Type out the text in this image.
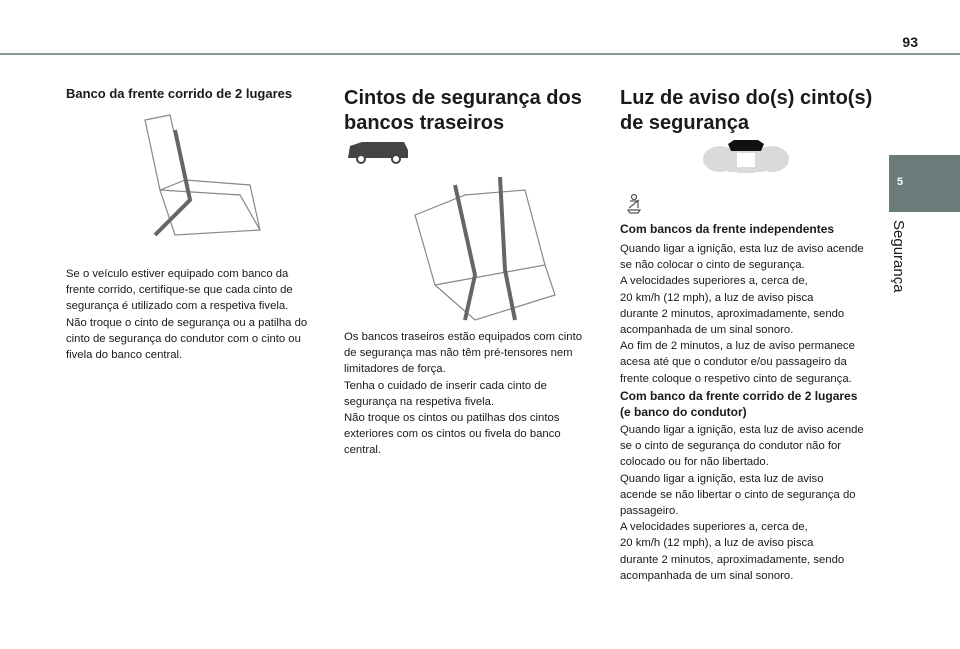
93
5
Segurança
Banco da frente corrido de 2 lugares
Se o veículo estiver equipado com banco da
frente corrido, certifique-se que cada cinto de
segurança é utilizado com a respetiva fivela.
Não troque o cinto de segurança ou a patilha do
cinto de segurança do condutor com o cinto ou
fivela do banco central.
Cintos de segurança dos
bancos traseiros
Os bancos traseiros estão equipados com cinto
de segurança mas não têm pré-tensores nem
limitadores de força.
Tenha o cuidado de inserir cada cinto de
segurança na respetiva fivela.
Não troque os cintos ou patilhas dos cintos
exteriores com os cintos ou fivela do banco
central.
Luz de aviso do(s) cinto(s)
de segurança
Com bancos da frente independentes
Quando ligar a ignição, esta luz de aviso acende
se não colocar o cinto de segurança.
A velocidades superiores a, cerca de,
20 km/h (12 mph), a luz de aviso pisca
durante 2 minutos, aproximadamente, sendo
acompanhada de um sinal sonoro.
Ao fim de 2 minutos, a luz de aviso permanece
acesa até que o condutor e/ou passageiro da
frente coloque o respetivo cinto de segurança.
Com banco da frente corrido de 2 lugares
(e banco do condutor)
Quando ligar a ignição, esta luz de aviso acende
se o cinto de segurança do condutor não for
colocado ou for não libertado.
Quando ligar a ignição, esta luz de aviso
acende se não libertar o cinto de segurança do
passageiro.
A velocidades superiores a, cerca de,
20 km/h (12 mph), a luz de aviso pisca
durante 2 minutos, aproximadamente, sendo
acompanhada de um sinal sonoro.
